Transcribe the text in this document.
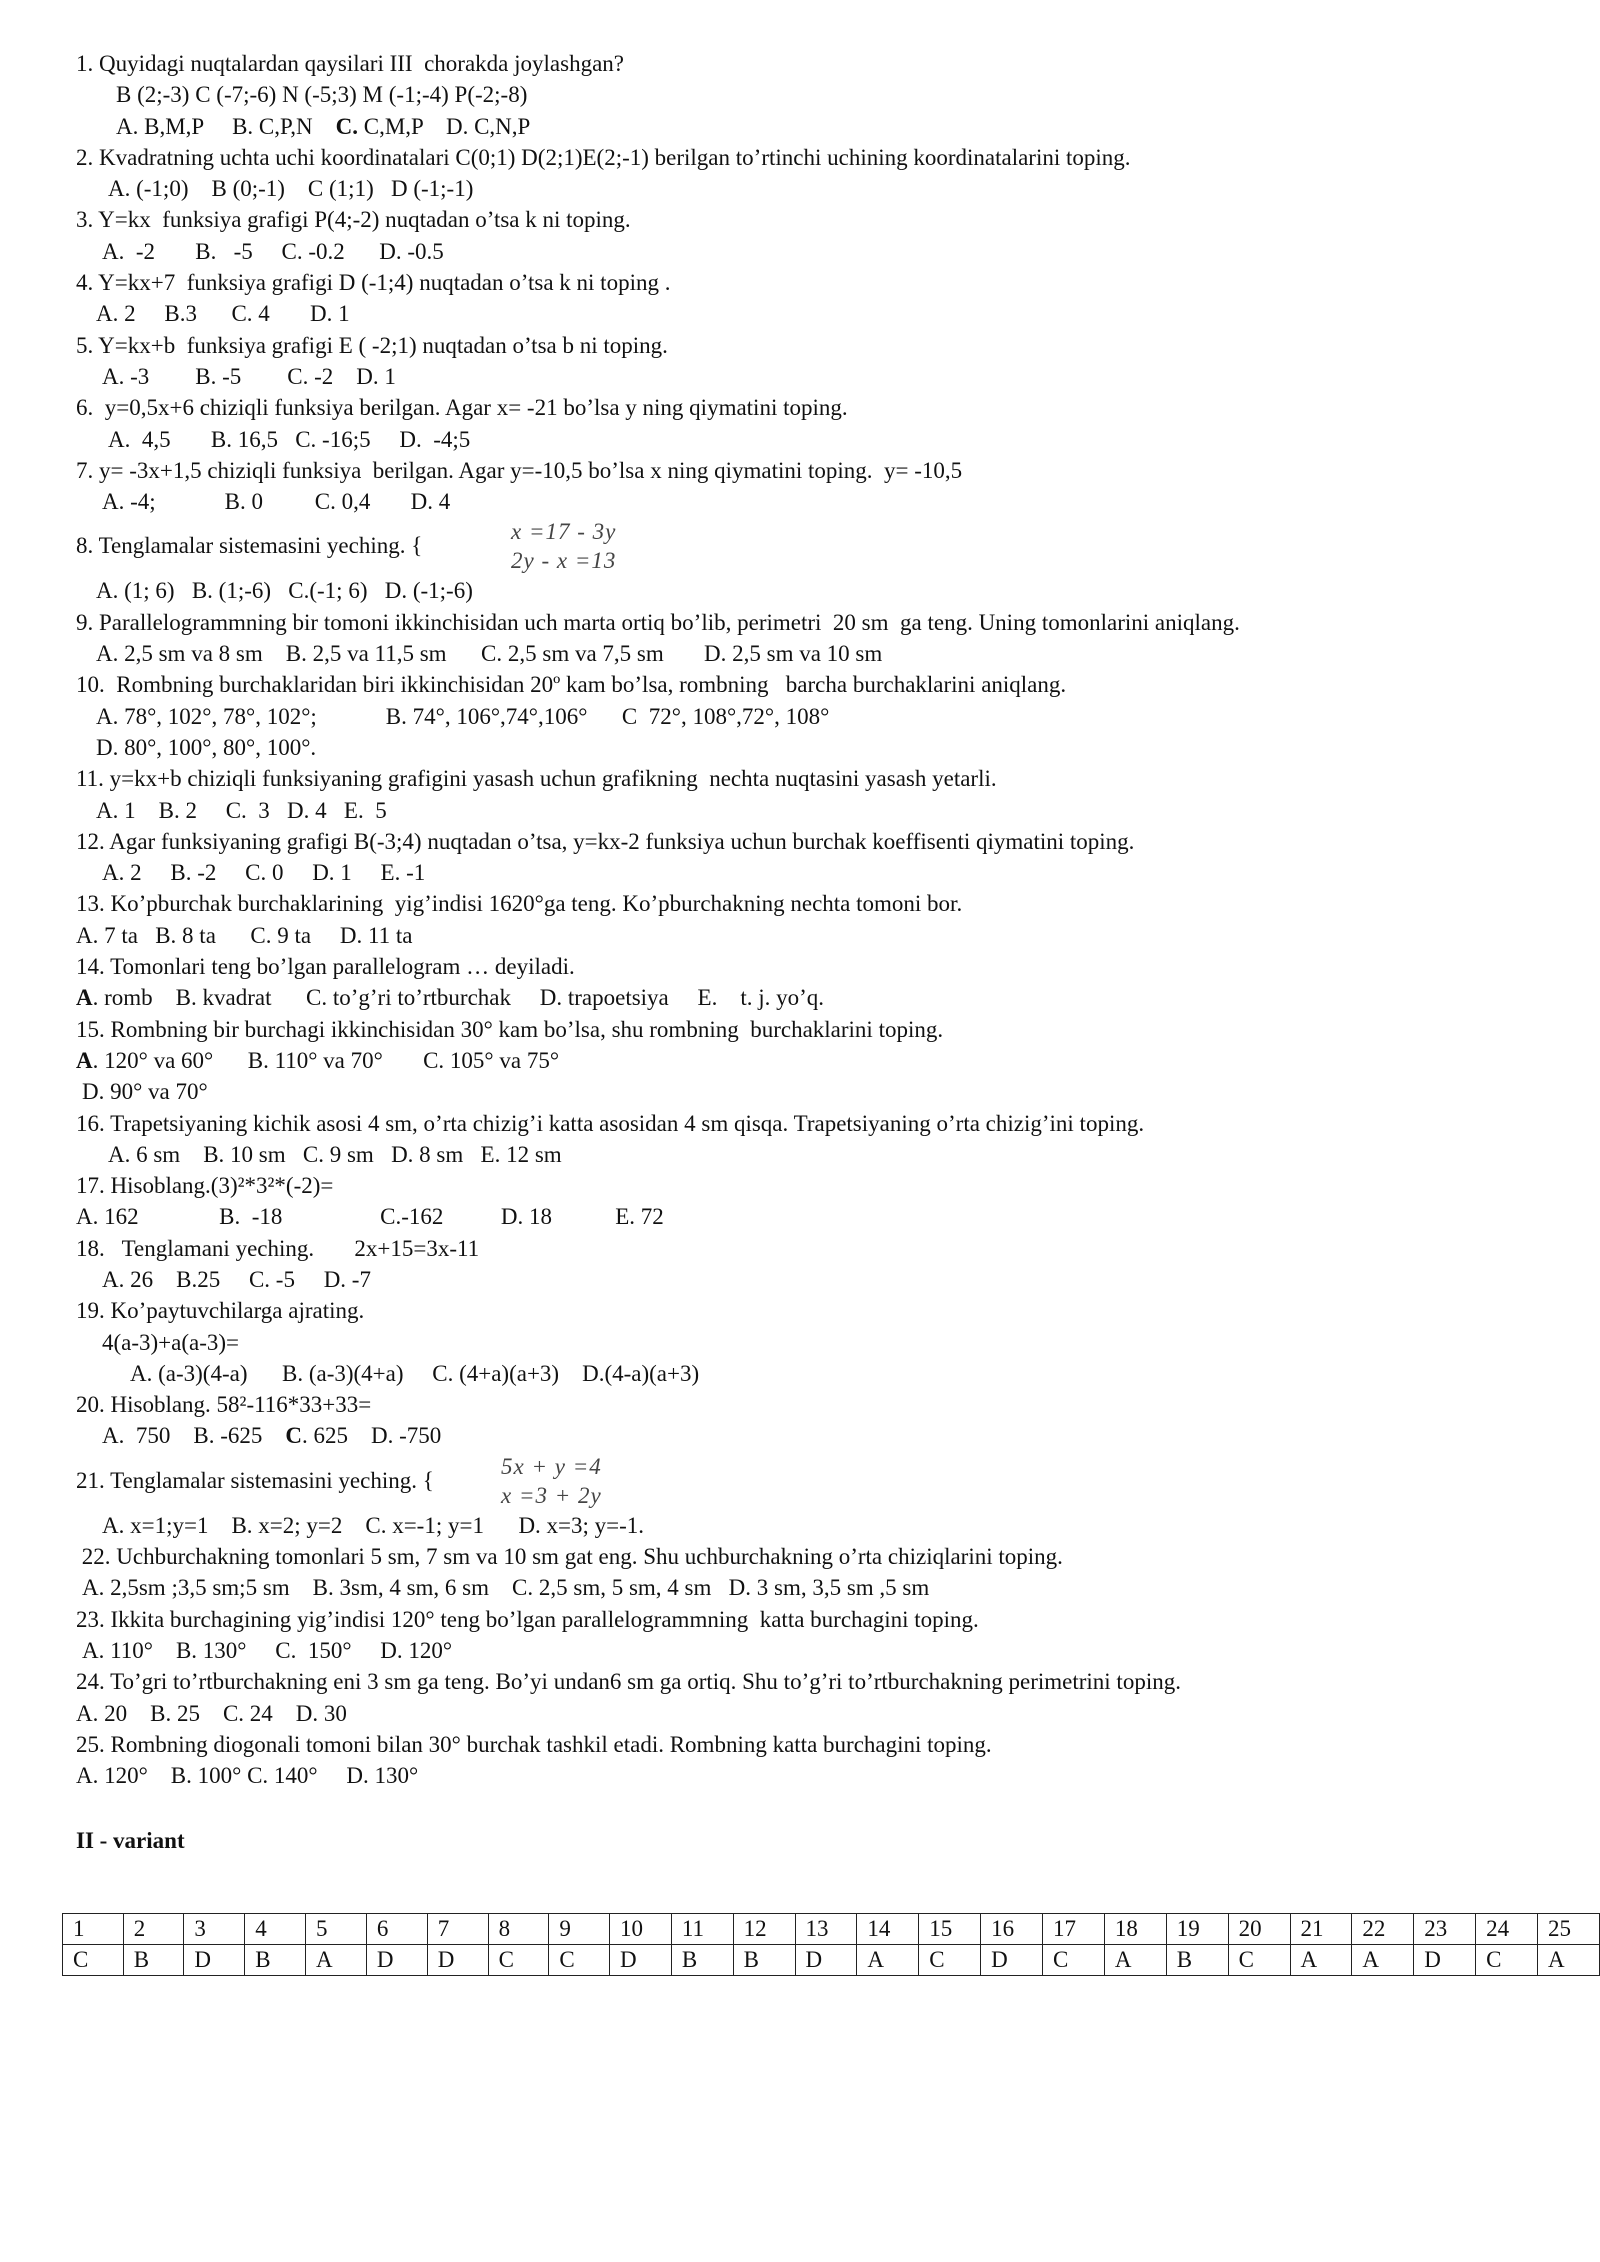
1. Quyidagi nuqtalardan qaysilari III  chorakda joylashgan?
B (2;-3) C (-7;-6) N (-5;3) M (-1;-4) P(-2;-8)
A. B,M,P     B. C,P,N    C. C,M,P    D. C,N,P
2. Kvadratning uchta uchi koordinatalari C(0;1) D(2;1)E(2;-1) berilgan to’rtinchi uchining koordinatalarini toping.
A. (-1;0)    B (0;-1)    C (1;1)   D (-1;-1)
3. Y=kx  funksiya grafigi P(4;-2) nuqtadan o’tsa k ni toping.
A.  -2       B.   -5     C. -0.2      D. -0.5
4. Y=kx+7  funksiya grafigi D (-1;4) nuqtadan o’tsa k ni toping .
A. 2     B.3      C. 4       D. 1
5. Y=kx+b  funksiya grafigi E ( -2;1) nuqtadan o’tsa b ni toping.
A. -3        B. -5        C. -2    D. 1
6.  y=0,5x+6 chiziqli funksiya berilgan. Agar x= -21 bo’lsa y ning qiymatini toping.
A.  4,5       B. 16,5   C. -16;5     D.  -4;5
7. y= -3x+1,5 chiziqli funksiya  berilgan. Agar y=-10,5 bo’lsa x ning qiymatini toping.  y= -10,5
A. -4;            B. 0         C. 0,4       D. 4
8. Tenglamalar sistemasini yeching. {
x =17 - 3y
2y - x =13
A. (1; 6)   B. (1;-6)   C.(-1; 6)   D. (-1;-6)
9. Parallelogrammning bir tomoni ikkinchisidan uch marta ortiq bo’lib, perimetri  20 sm  ga teng. Uning tomonlarini aniqlang.
A. 2,5 sm va 8 sm    B. 2,5 va 11,5 sm      C. 2,5 sm va 7,5 sm       D. 2,5 sm va 10 sm
10.  Rombning burchaklaridan biri ikkinchisidan 20º kam bo’lsa, rombning   barcha burchaklarini aniqlang.
A. 78°, 102°, 78°, 102°;            B. 74°, 106°,74°,106°      C  72°, 108°,72°, 108°
D. 80°, 100°, 80°, 100°.
11. y=kx+b chiziqli funksiyaning grafigini yasash uchun grafikning  nechta nuqtasini yasash yetarli.
A. 1    B. 2     C.  3   D. 4   E.  5
12. Agar funksiyaning grafigi B(-3;4) nuqtadan o’tsa, y=kx-2 funksiya uchun burchak koeffisenti qiymatini toping.
A. 2     B. -2     C. 0     D. 1     E. -1
13. Ko’pburchak burchaklarining  yig’indisi 1620°ga teng. Ko’pburchakning nechta tomoni bor.
A. 7 ta   B. 8 ta      C. 9 ta     D. 11 ta
14. Tomonlari teng bo’lgan parallelogram … deyiladi.
A. romb    B. kvadrat      C. to’g’ri to’rtburchak     D. trapoetsiya     E.    t. j. yo’q.
15. Rombning bir burchagi ikkinchisidan 30° kam bo’lsa, shu rombning  burchaklarini toping.
A. 120° va 60°      B. 110° va 70°       C. 105° va 75°
D. 90° va 70°
16. Trapetsiyaning kichik asosi 4 sm, o’rta chizig’i katta asosidan 4 sm qisqa. Trapetsiyaning o’rta chizig’ini toping.
A. 6 sm    B. 10 sm   C. 9 sm   D. 8 sm   E. 12 sm
17. Hisoblang.(3)²*3²*(-2)=
A. 162              B.  -18                 C.-162          D. 18           E. 72
18.   Tenglamani yeching.       2x+15=3x-11
A. 26    B.25     C. -5     D. -7
19. Ko’paytuvchilarga ajrating.
4(a-3)+a(a-3)=
A. (a-3)(4-a)      B. (a-3)(4+a)     C. (4+a)(a+3)    D.(4-a)(a+3)
20. Hisoblang. 58²-116*33+33=
A.  750    B. -625    C. 625    D. -750
21. Tenglamalar sistemasini yeching. {
5x + y =4
x =3 + 2y
A. x=1;y=1    B. x=2; y=2    C. x=-1; y=1      D. x=3; y=-1.
22. Uchburchakning tomonlari 5 sm, 7 sm va 10 sm gat eng. Shu uchburchakning o’rta chiziqlarini toping.
A. 2,5sm ;3,5 sm;5 sm    B. 3sm, 4 sm, 6 sm    C. 2,5 sm, 5 sm, 4 sm   D. 3 sm, 3,5 sm ,5 sm
23. Ikkita burchagining yig’indisi 120° teng bo’lgan parallelogrammning  katta burchagini toping.
A. 110°    B. 130°     C.  150°     D. 120°
24. To’gri to’rtburchakning eni 3 sm ga teng. Bo’yi undan6 sm ga ortiq. Shu to’g’ri to’rtburchakning perimetrini toping.
A. 20    B. 25    C. 24    D. 30
25. Rombning diogonali tomoni bilan 30° burchak tashkil etadi. Rombning katta burchagini toping.
A. 120°    B. 100° C. 140°     D. 130°
II - variant
1	2	3	4	5	6	7	8	9	10	11	12	13	14	15	16	17	18	19	20	21	22	23	24	25
C	B	D	B	A	D	D	C	C	D	B	B	D	A	C	D	C	A	B	C	A	A	D	C	A
